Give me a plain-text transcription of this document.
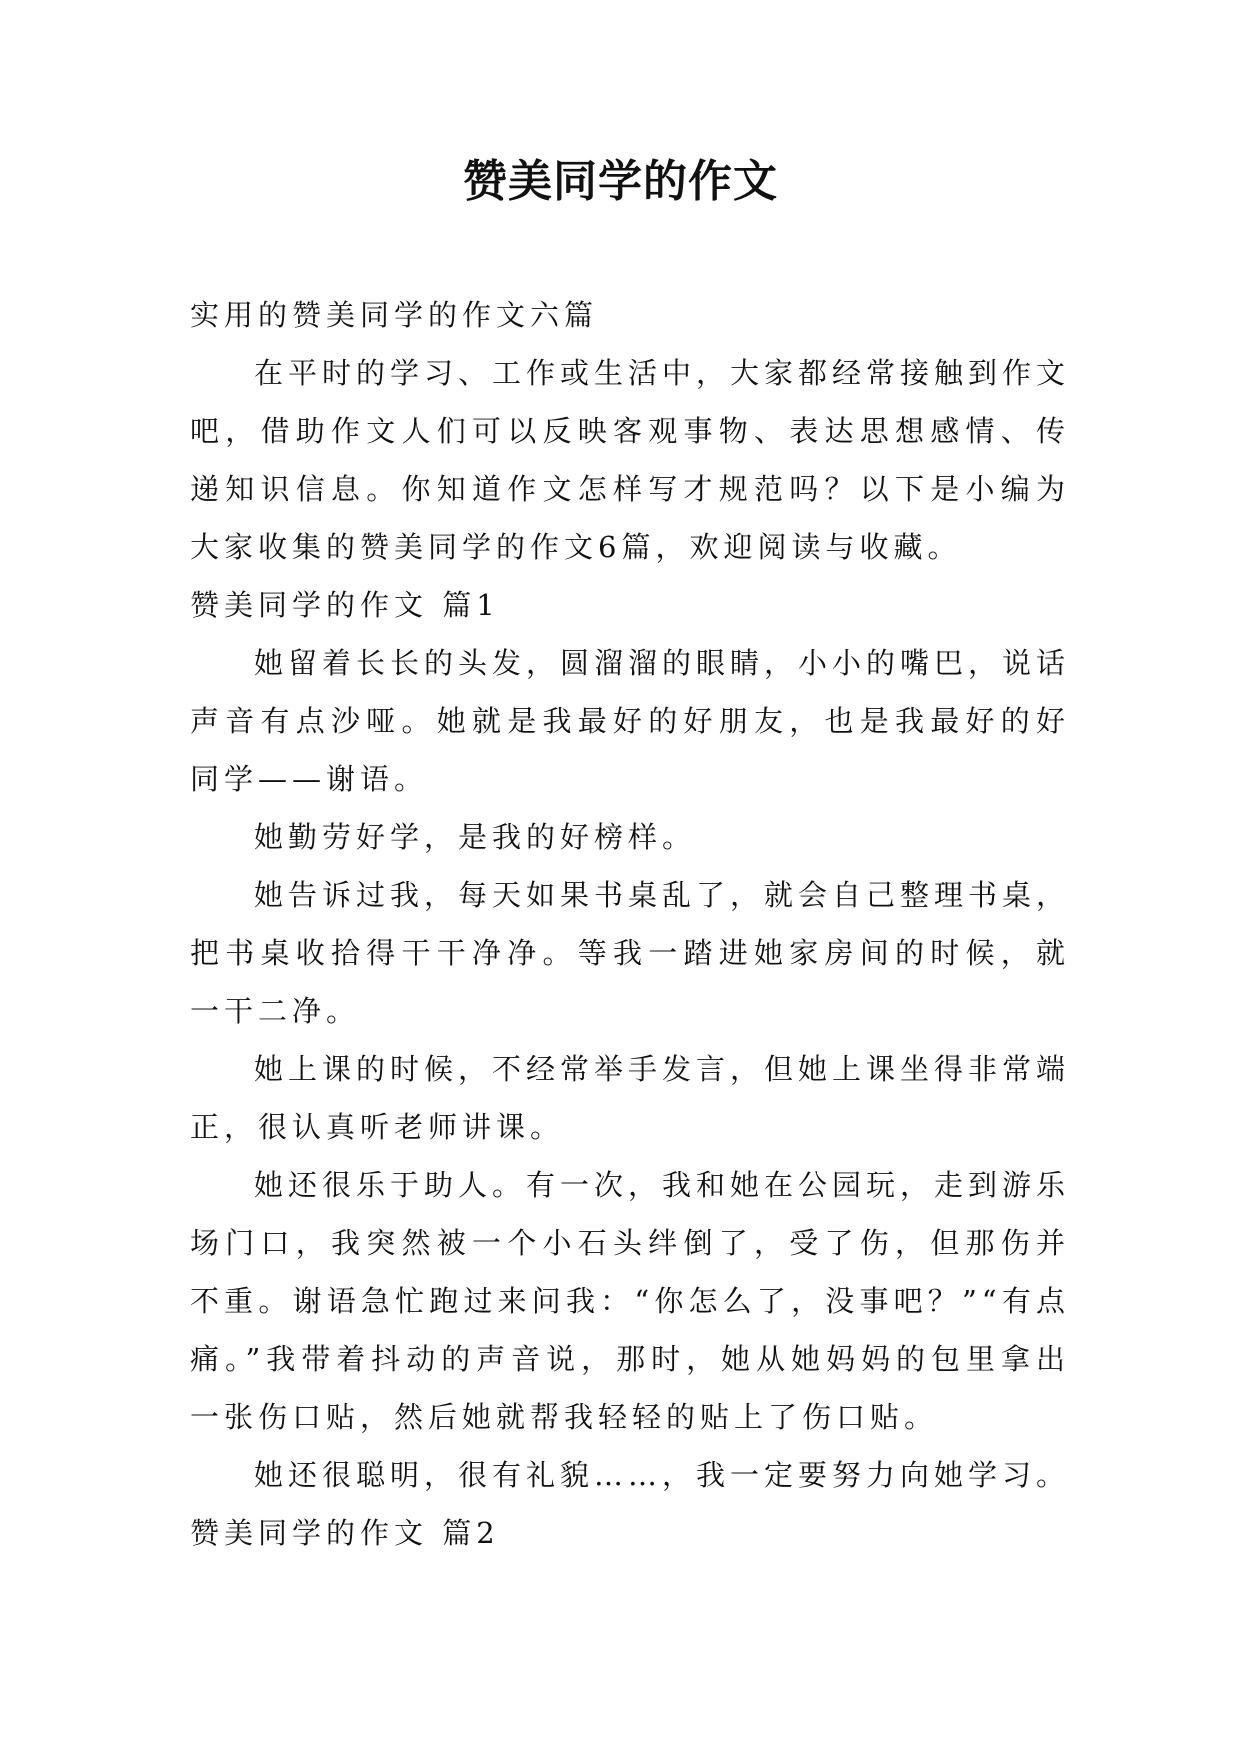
赞美同学的作文

实用的赞美同学的作文六篇

在平时的学习、工作或生活中，大家都经常接触到作文吧，借助作文人们可以反映客观事物、表达思想感情、传递知识信息。你知道作文怎样写才规范吗？以下是小编为大家收集的赞美同学的作文6篇，欢迎阅读与收藏。

赞美同学的作文 篇1

她留着长长的头发，圆溜溜的眼睛，小小的嘴巴，说话声音有点沙哑。她就是我最好的好朋友，也是我最好的好同学——谢语。

她勤劳好学，是我的好榜样。

她告诉过我，每天如果书桌乱了，就会自己整理书桌，把书桌收拾得干干净净。等我一踏进她家房间的时候，就一干二净。

她上课的时候，不经常举手发言，但她上课坐得非常端正，很认真听老师讲课。

她还很乐于助人。有一次，我和她在公园玩，走到游乐场门口，我突然被一个小石头绊倒了，受了伤，但那伤并不重。谢语急忙跑过来问我：“你怎么了，没事吧？”“有点痛。”我带着抖动的声音说，那时，她从她妈妈的包里拿出一张伤口贴，然后她就帮我轻轻的贴上了伤口贴。

她还很聪明，很有礼貌……，我一定要努力向她学习。

赞美同学的作文 篇2
